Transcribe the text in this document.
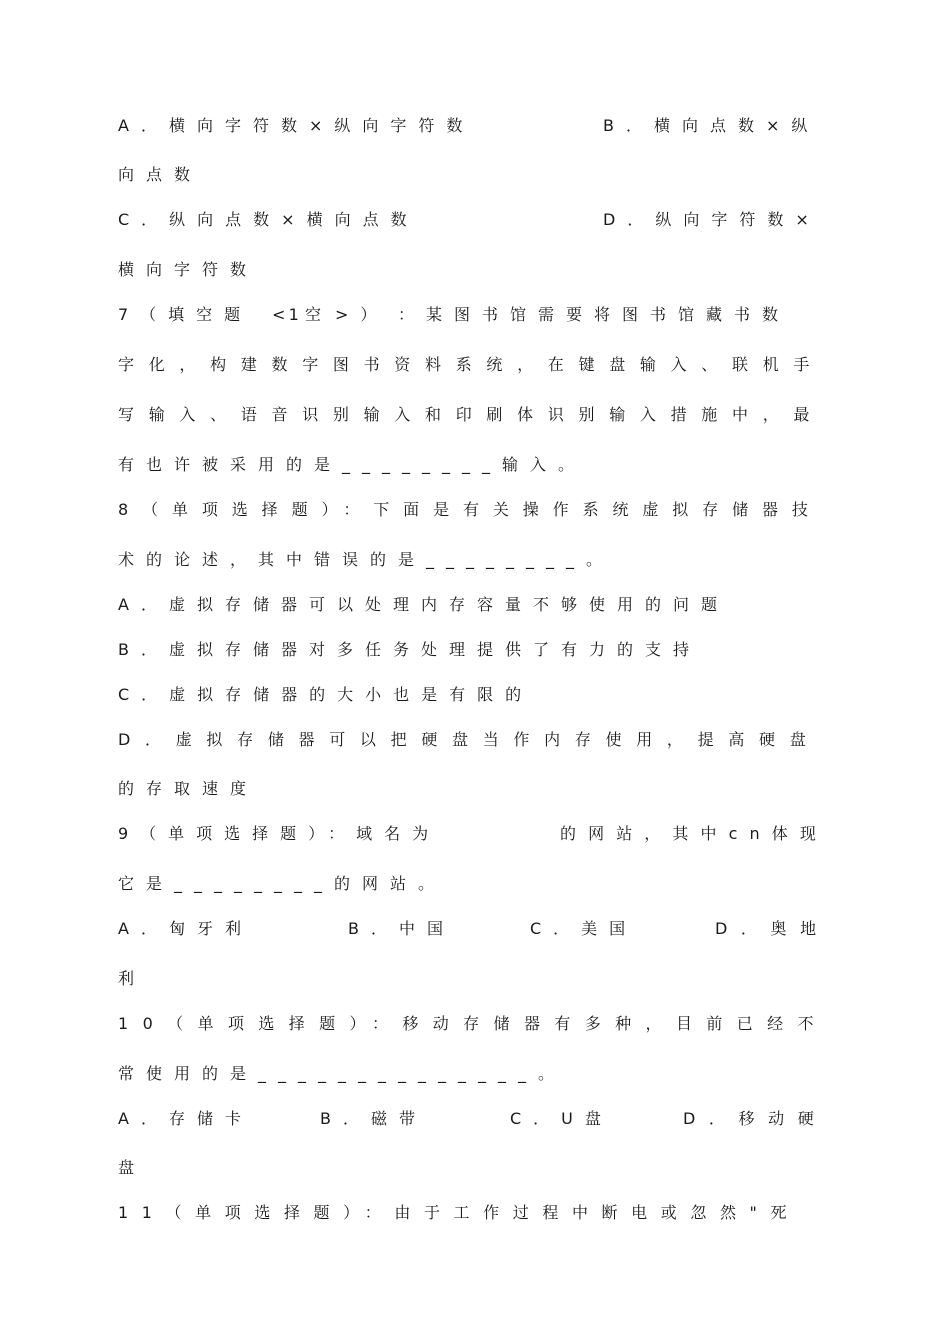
A．横向字符数×纵向字符数	B．横向点数×纵
向点数
C．纵向点数×横向点数	D．纵向字符数×
横向字符数
7（填空题 <1 空 >） ：某图书馆需要将图书馆藏书数
字化，构建数字图书资料系统，在键盘输入、联机手
写输入、语音识别输入和印刷体识别输入措施中，最
有也许被采用的是________输入。
8（单项选择题）：下面是有关操作系统虚拟存储器技
术的论述，其中错误的是________。
A．虚拟存储器可以处理内存容量不够使用的问题
B．虚拟存储器对多任务处理提供了有力的支持
C．虚拟存储器的大小也是有限的
D．虚拟存储器可以把硬盘当作内存使用，提高硬盘
的存取速度
9（单项选择题）：域名为	的网站，其中cn体现
它是________的网站。
A．匈牙利	B．中国	C．美国	D．奥地
利
10（单项选择题）：移动存储器有多种，目前已经不
常使用的是______________。
A．存储卡	B．磁带	C．U盘	D．移动硬
盘
11（单项选择题）：由于工作过程中断电或忽然"死
